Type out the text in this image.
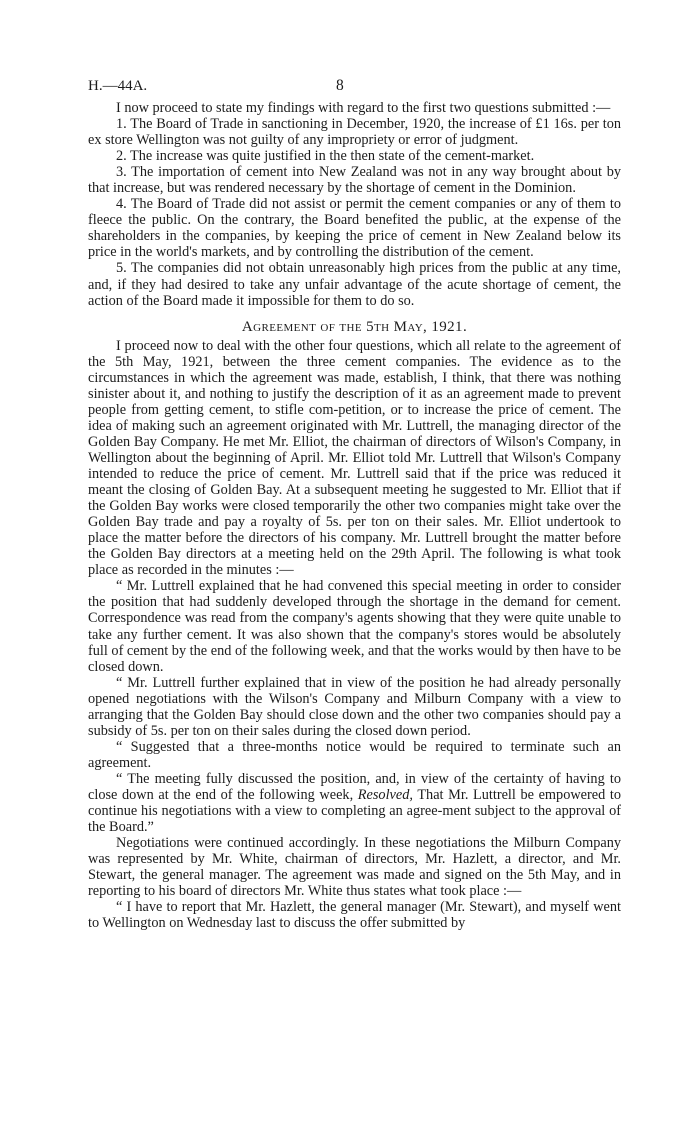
H.—44A.	8

I now proceed to state my findings with regard to the first two questions submitted :—

1. The Board of Trade in sanctioning in December, 1920, the increase of £1 16s. per ton ex store Wellington was not guilty of any impropriety or error of judgment.

2. The increase was quite justified in the then state of the cement-market.

3. The importation of cement into New Zealand was not in any way brought about by that increase, but was rendered necessary by the shortage of cement in the Dominion.

4. The Board of Trade did not assist or permit the cement companies or any of them to fleece the public. On the contrary, the Board benefited the public, at the expense of the shareholders in the companies, by keeping the price of cement in New Zealand below its price in the world's markets, and by controlling the distribution of the cement.

5. The companies did not obtain unreasonably high prices from the public at any time, and, if they had desired to take any unfair advantage of the acute shortage of cement, the action of the Board made it impossible for them to do so.

Agreement of the 5th May, 1921.

I proceed now to deal with the other four questions, which all relate to the agreement of the 5th May, 1921, between the three cement companies. The evidence as to the circumstances in which the agreement was made, establish, I think, that there was nothing sinister about it, and nothing to justify the description of it as an agreement made to prevent people from getting cement, to stifle com-petition, or to increase the price of cement. The idea of making such an agreement originated with Mr. Luttrell, the managing director of the Golden Bay Company. He met Mr. Elliot, the chairman of directors of Wilson's Company, in Wellington about the beginning of April. Mr. Elliot told Mr. Luttrell that Wilson's Company intended to reduce the price of cement. Mr. Luttrell said that if the price was reduced it meant the closing of Golden Bay. At a subsequent meeting he suggested to Mr. Elliot that if the Golden Bay works were closed temporarily the other two companies might take over the Golden Bay trade and pay a royalty of 5s. per ton on their sales. Mr. Elliot undertook to place the matter before the directors of his company. Mr. Luttrell brought the matter before the Golden Bay directors at a meeting held on the 29th April. The following is what took place as recorded in the minutes :—

“ Mr. Luttrell explained that he had convened this special meeting in order to consider the position that had suddenly developed through the shortage in the demand for cement. Correspondence was read from the company's agents showing that they were quite unable to take any further cement. It was also shown that the company's stores would be absolutely full of cement by the end of the following week, and that the works would by then have to be closed down.

“ Mr. Luttrell further explained that in view of the position he had already personally opened negotiations with the Wilson's Company and Milburn Company with a view to arranging that the Golden Bay should close down and the other two companies should pay a subsidy of 5s. per ton on their sales during the closed down period.

“ Suggested that a three-months notice would be required to terminate such an agreement.

“ The meeting fully discussed the position, and, in view of the certainty of having to close down at the end of the following week, Resolved, That Mr. Luttrell be empowered to continue his negotiations with a view to completing an agree-ment subject to the approval of the Board.”

Negotiations were continued accordingly. In these negotiations the Milburn Company was represented by Mr. White, chairman of directors, Mr. Hazlett, a director, and Mr. Stewart, the general manager. The agreement was made and signed on the 5th May, and in reporting to his board of directors Mr. White thus states what took place :—

“ I have to report that Mr. Hazlett, the general manager (Mr. Stewart), and myself went to Wellington on Wednesday last to discuss the offer submitted by
